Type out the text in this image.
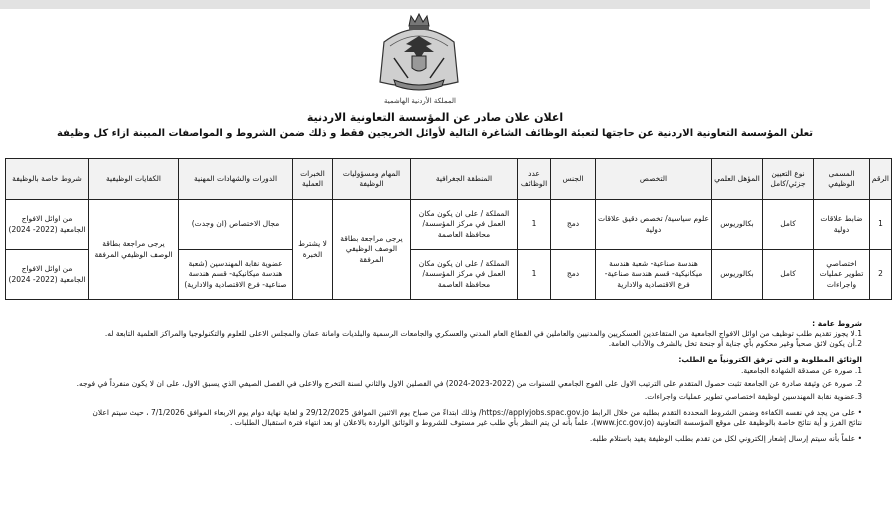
المملكة الأردنية الهاشمية
اعلان علان صادر عن المؤسسة التعاونية الاردنية
تعلن المؤسسة التعاونية الاردنية عن حاجتها لتعبئة الوظائف الشاغرة التالية لأوائل الخريجين فقط و ذلك ضمن الشروط و المواصفات المبينة ازاء كل وظيفة
الرقم	المسمى الوظيفي	نوع التعيين جزئي/كامل	المؤهل العلمي	التخصص	الجنس	عدد الوظائف	المنطقة الجغرافية	المهام ومسؤوليات الوظيفة	الخبرات العملية	الدورات والشهادات المهنية	الكفايات الوظيفية	شروط خاصة بالوظيفة
1	ضابط علاقات دولية	كامل	بكالوريوس	علوم سياسية/ تخصص دقيق علاقات دولية	دمج	1	المملكة / على ان يكون مكان العمل في مركز المؤسسة/ محافظة العاصمة	يرجى مراجعة بطاقة الوصف الوظيفي المرفقة	لا يشترط الخبرة	مجال الاختصاص (ان وجدت)	يرجى مراجعة بطاقة الوصف الوظيفي المرفقة	من اوائل الافواج الجامعية (2022- 2024)
2	اختصاصي تطوير عمليات واجراءات	كامل	بكالوريوس	هندسة صناعية- شعبة هندسة ميكانيكية- قسم هندسة صناعية- فرع الاقتصادية والادارية	دمج	1	المملكة / على ان يكون مكان العمل في مركز المؤسسة/ محافظة العاصمة			عضوية نقابة المهندسين (شعبة هندسة ميكانيكية- قسم هندسة صناعية- فرع الاقتصادية والادارية)		من اوائل الافواج الجامعية (2022- 2024)

شروط عامة :

1.لا يجوز تقديم طلب توظيف من اوائل الافواج الجامعية من المتقاعدين العسكريين والمدنيين والعاملين في القطاع العام المدني والعسكري والجامعات الرسمية والبلديات وامانة عمان والمجلس الاعلى للعلوم والتكنولوجيا والمراكز العلمية التابعة له.

2.أن يكون لائق صحياً وغير محكوم بأي جناية أو جنحة تخل بالشرف والآداب العامة.

الوثائق المطلوبة و التي ترفق الكترونياً مع الطلب:

1. صورة عن مصدقة الشهادة الجامعية.

2. صورة عن وثيقة صادرة عن الجامعة تثبت حصول المتقدم على الترتيب الاول على الفوج الجامعي للسنوات من (2022-2023-2024) في الفصلين الاول والثاني لسنة التخرج والاعلى في الفصل الصيفي الذي يسبق الاول، على ان لا يكون منفرداً في فوجه.

3.عضوية نقابة المهندسين لوظيفة اختصاصي تطوير عمليات واجراءات.

• على من يجد في نفسه الكفاءة وضمن الشروط المحددة التقدم بطلبه من خلال الرابط https://applyjobs.spac.gov.jo/ وذلك ابتداءً من صباح يوم الاثنين الموافق 29/12/2025 و لغاية نهاية دوام يوم الاربعاء الموافق 7/1/2026 ، حيث سيتم اعلان

نتائج الفرز و أية نتائج خاصة بالوظيفة على موقع المؤسسة التعاونية (www.jcc.gov.jo)، علماً بأنه لن يتم النظر بأي طلب غير مستوف للشروط و الوثائق الواردة بالاعلان او بعد انتهاء فترة استقبال الطلبات .

• علماً بأنه سيتم إرسال إشعار إلكتروني لكل من تقدم بطلب الوظيفة يفيد باستلام طلبه.
